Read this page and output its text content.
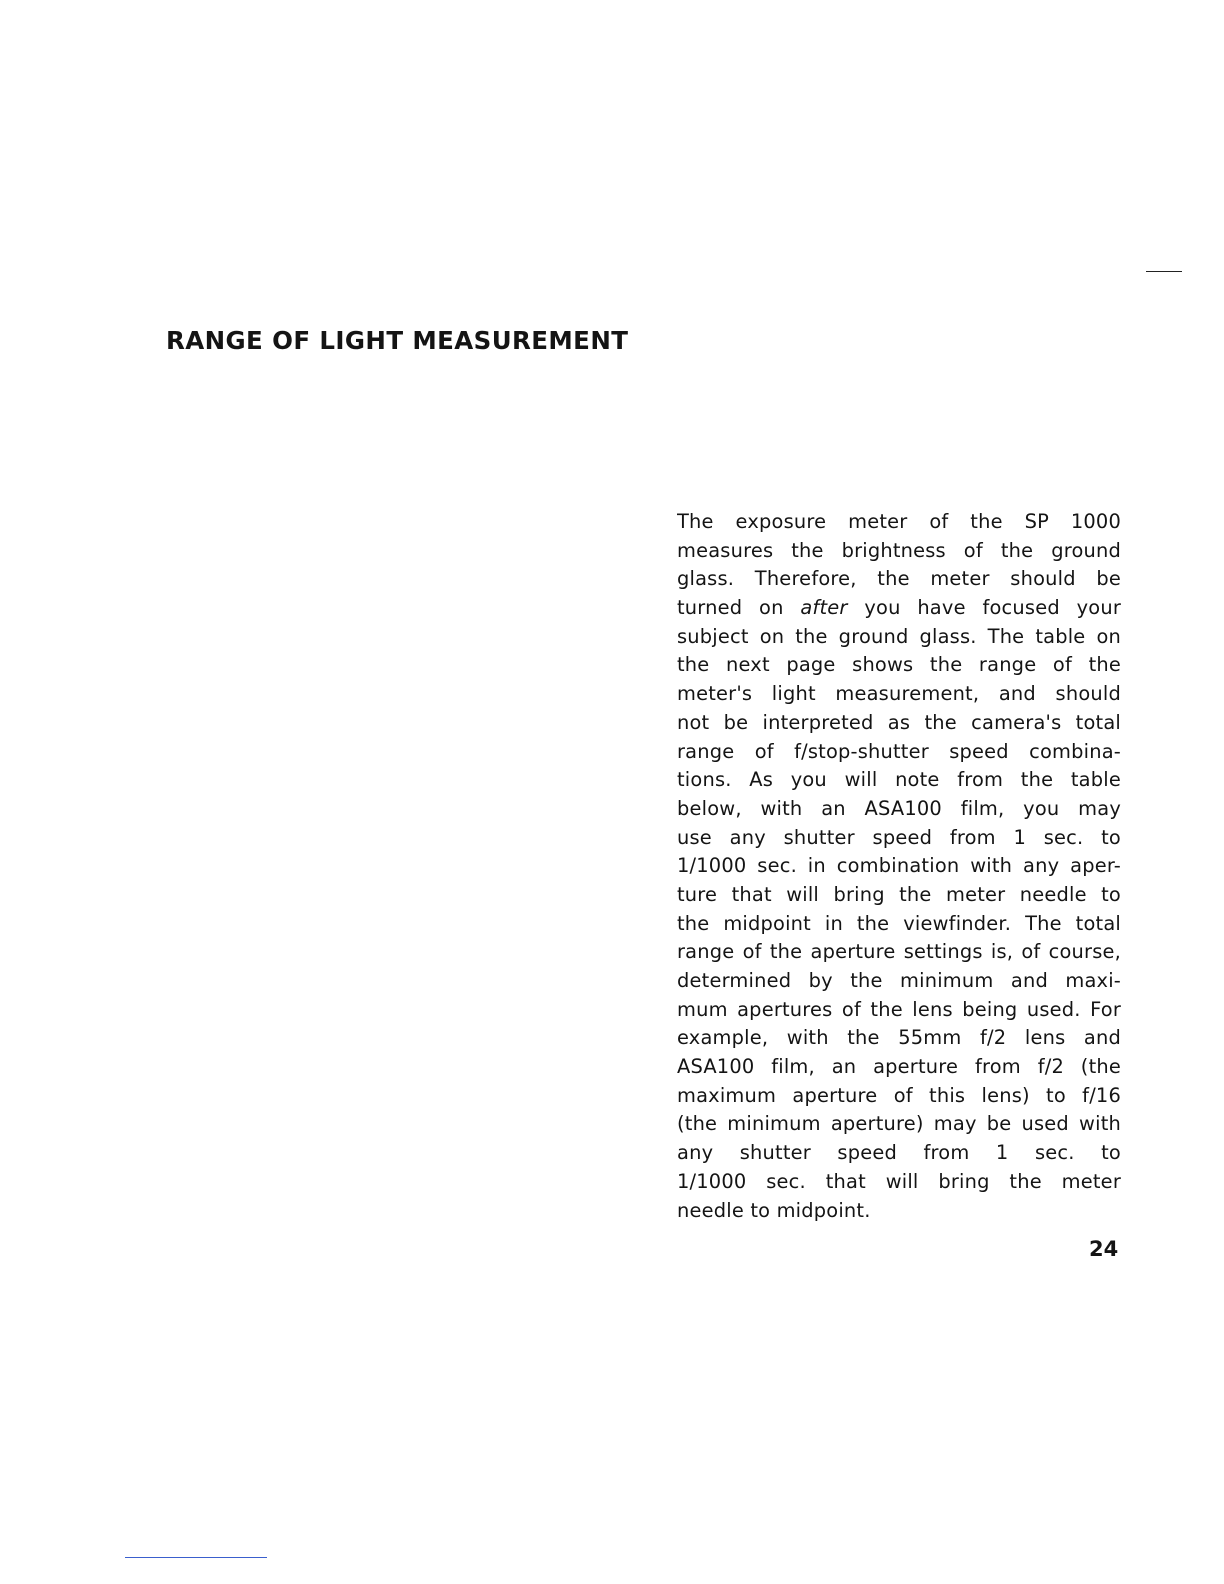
RANGE OF LIGHT MEASUREMENT
The exposure meter of the SP 1000
measures the brightness of the ground
glass. Therefore, the meter should be
turned on after you have focused your
subject on the ground glass. The table on
the next page shows the range of the
meter's light measurement, and should
not be interpreted as the camera's total
range of f/stop-shutter speed combina-
tions. As you will note from the table
below, with an ASA100 film, you may
use any shutter speed from 1 sec. to
1/1000 sec. in combination with any aper-
ture that will bring the meter needle to
the midpoint in the viewfinder. The total
range of the aperture settings is, of course,
determined by the minimum and maxi-
mum apertures of the lens being used. For
example, with the 55mm f/2 lens and
ASA100 film, an aperture from f/2 (the
maximum aperture of this lens) to f/16
(the minimum aperture) may be used with
any shutter speed from 1 sec. to
1/1000 sec. that will bring the meter
needle to midpoint.
24
